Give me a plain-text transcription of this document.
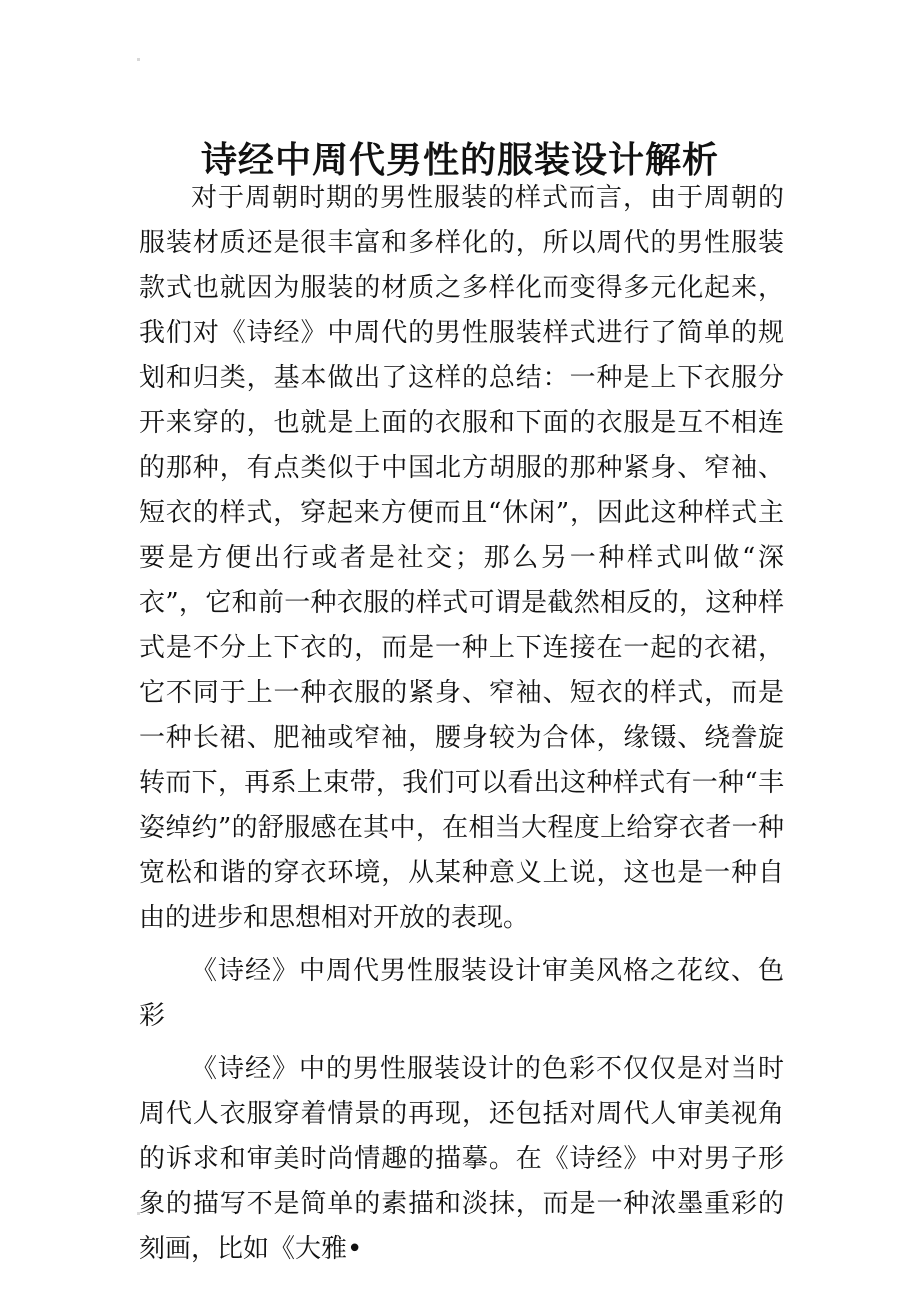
诗经中周代男性的服装设计解析

对于周朝时期的男性服装的样式而言，由于周朝的服装材质还是很丰富和多样化的，所以周代的男性服装款式也就因为服装的材质之多样化而变得多元化起来，我们对《诗经》中周代的男性服装样式进行了简单的规划和归类，基本做出了这样的总结：一种是上下衣服分开来穿的，也就是上面的衣服和下面的衣服是互不相连的那种，有点类似于中国北方胡服的那种紧身、窄袖、短衣的样式，穿起来方便而且“休闲”，因此这种样式主要是方便出行或者是社交；那么另一种样式叫做“深衣”，它和前一种衣服的样式可谓是截然相反的，这种样式是不分上下衣的，而是一种上下连接在一起的衣裙，它不同于上一种衣服的紧身、窄袖、短衣的样式，而是一种长裙、肥袖或窄袖，腰身较为合体，缘镊、绕誊旋转而下，再系上束带，我们可以看出这种样式有一种“丰姿绰约”的舒服感在其中，在相当大程度上给穿衣者一种宽松和谐的穿衣环境，从某种意义上说，这也是一种自由的进步和思想相对开放的表现。

《诗经》中周代男性服装设计审美风格之花纹、色彩

《诗经》中的男性服装设计的色彩不仅仅是对当时周代人衣服穿着情景的再现，还包括对周代人审美视角的诉求和审美时尚情趣的描摹。在《诗经》中对男子形象的描写不是简单的素描和淡抹，而是一种浓墨重彩的刻画，比如《大雅•
